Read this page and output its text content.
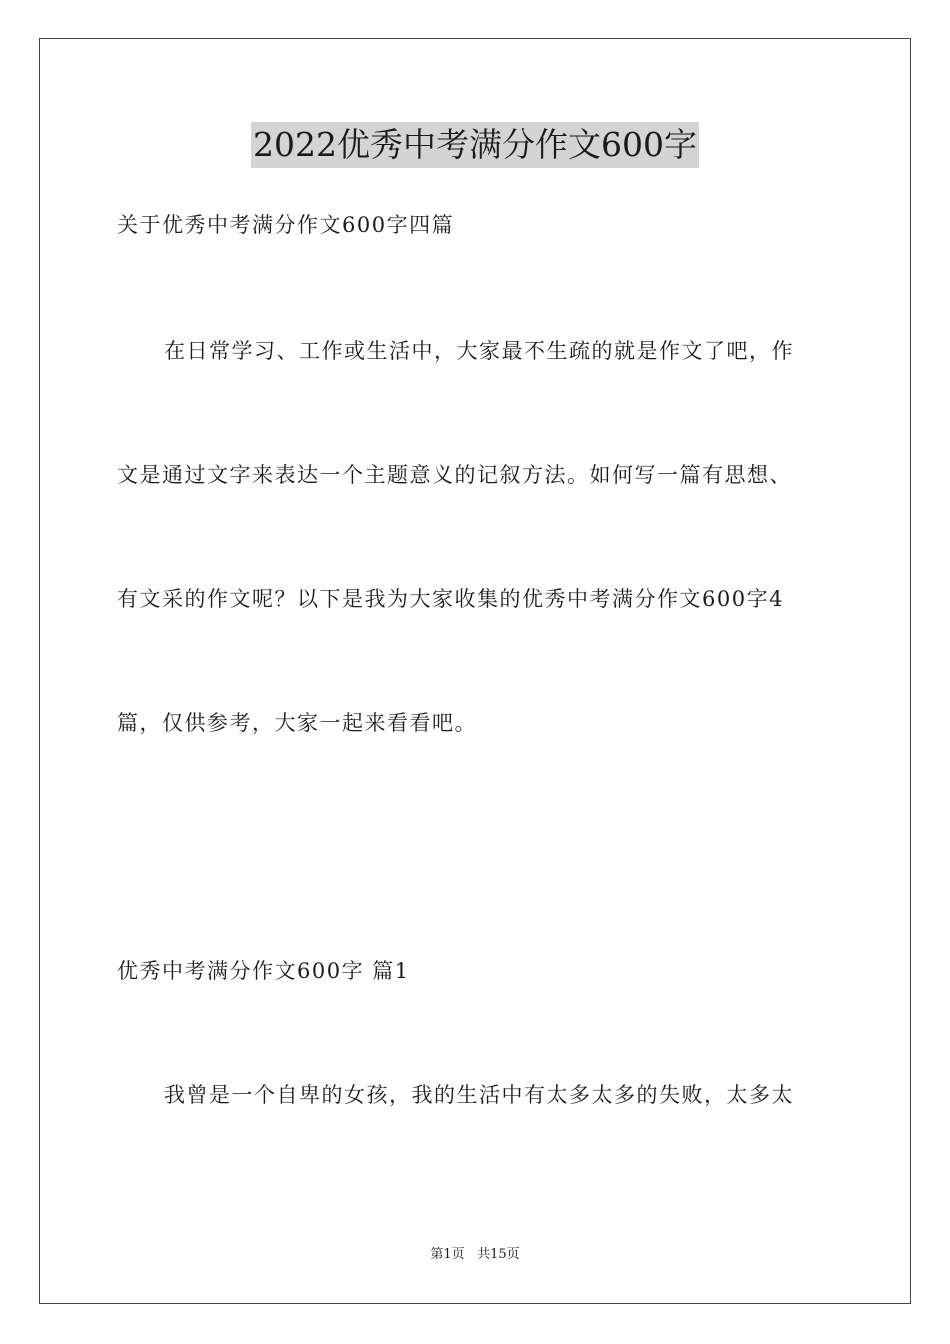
2022优秀中考满分作文600字
关于优秀中考满分作文600字四篇
在日常学习、工作或生活中，大家最不生疏的就是作文了吧，作
文是通过文字来表达一个主题意义的记叙方法。如何写一篇有思想、
有文采的作文呢？以下是我为大家收集的优秀中考满分作文600字4
篇，仅供参考，大家一起来看看吧。
优秀中考满分作文600字 篇1
我曾是一个自卑的女孩，我的生活中有太多太多的失败，太多太
第1页 共15页
